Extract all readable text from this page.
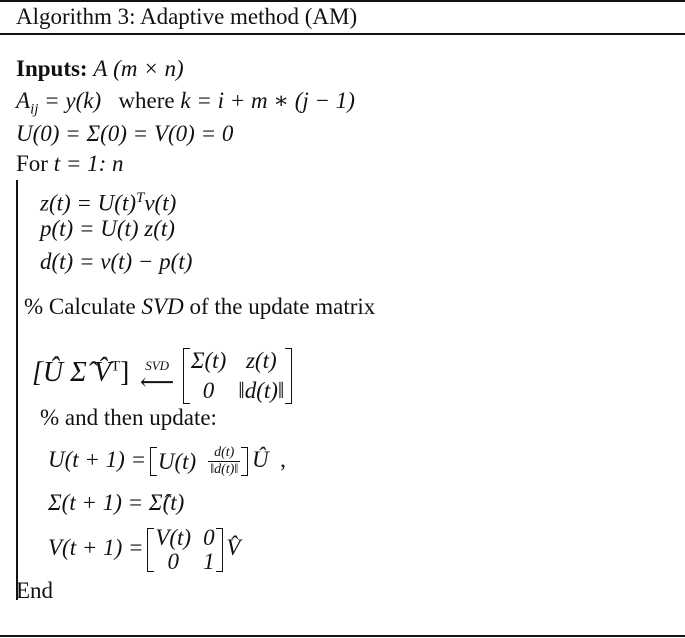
Algorithm 3: Adaptive method (AM)
Inputs: A (m × n)
$A_{ij} = y(k)$ where k = i + m ∗ (j − 1)
U(0) = Σ(0) = V(0) = 0
For t = 1: n
$z(t) = U(t)^Tv(t)$
p(t) = U(t) z(t)
d(t) = v(t) − p(t)
% Calculate SVD of the update matrix
[Û Σ̂ V̂$^T$]	SVD
⟵

Σ(t)	z(t)
0	‖d(t)‖
% and then update:
U(t + 1) = U(t)	$\frac{d(t)}{‖d(t)‖}$ Û ,
Σ(t + 1) = Σ̂(t)
V(t + 1) = V(t)	0
0	1
V̂
End
